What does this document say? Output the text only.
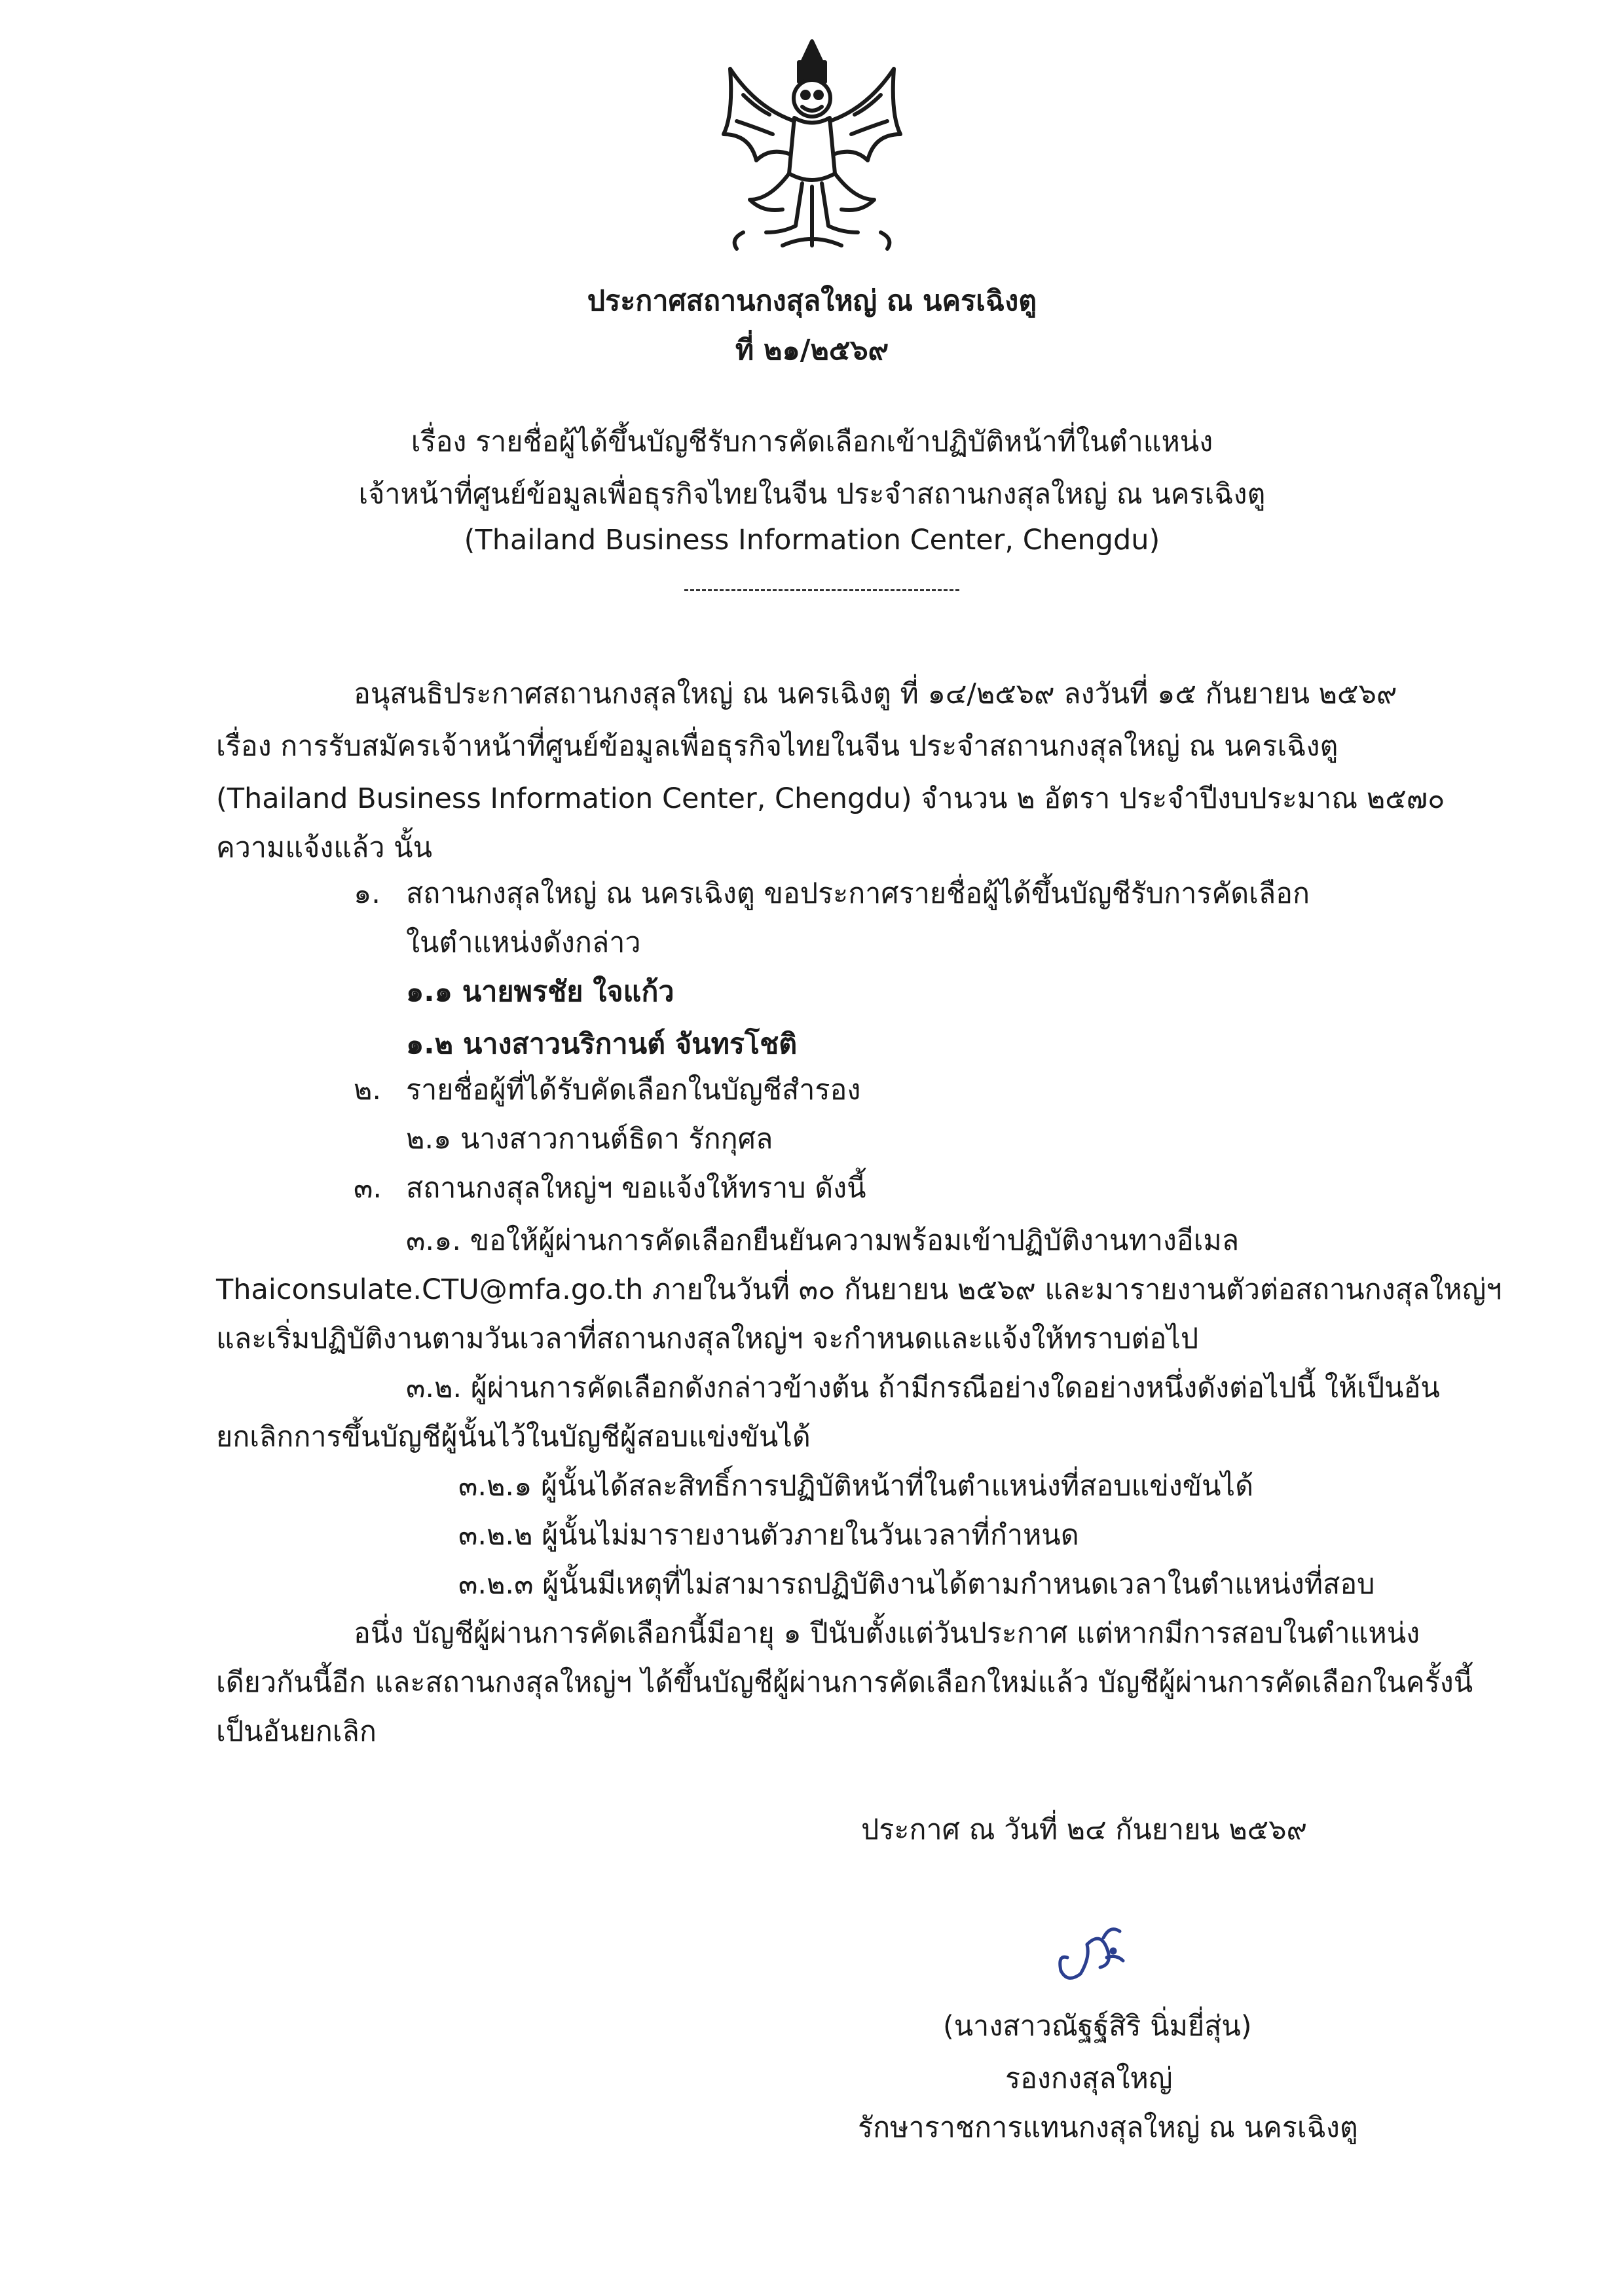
ประกาศสถานกงสุลใหญ่ ณ นครเฉิงตู
ที่ ๒๑/๒๕๖๙
เรื่อง รายชื่อผู้ได้ขึ้นบัญชีรับการคัดเลือกเข้าปฏิบัติหน้าที่ในตำแหน่ง
เจ้าหน้าที่ศูนย์ข้อมูลเพื่อธุรกิจไทยในจีน ประจำสถานกงสุลใหญ่ ณ นครเฉิงตู
(Thailand Business Information Center, Chengdu)
อนุสนธิประกาศสถานกงสุลใหญ่ ณ นครเฉิงตู ที่ ๑๔/๒๕๖๙ ลงวันที่ ๑๕ กันยายน ๒๕๖๙
เรื่อง การรับสมัครเจ้าหน้าที่ศูนย์ข้อมูลเพื่อธุรกิจไทยในจีน ประจำสถานกงสุลใหญ่ ณ นครเฉิงตู
(Thailand Business Information Center, Chengdu) จำนวน ๒ อัตรา ประจำปีงบประมาณ ๒๕๗๐
ความแจ้งแล้ว นั้น
๑. สถานกงสุลใหญ่ ณ นครเฉิงตู ขอประกาศรายชื่อผู้ได้ขึ้นบัญชีรับการคัดเลือก
ในตำแหน่งดังกล่าว
๑.๑ นายพรชัย ใจแก้ว
๑.๒ นางสาวนริกานต์ จันทรโชติ
๒. รายชื่อผู้ที่ได้รับคัดเลือกในบัญชีสำรอง
๒.๑ นางสาวกานต์ธิดา รักกุศล
๓. สถานกงสุลใหญ่ฯ ขอแจ้งให้ทราบ ดังนี้
๓.๑. ขอให้ผู้ผ่านการคัดเลือกยืนยันความพร้อมเข้าปฏิบัติงานทางอีเมล
Thaiconsulate.CTU@mfa.go.th ภายในวันที่ ๓๐ กันยายน ๒๕๖๙ และมารายงานตัวต่อสถานกงสุลใหญ่ฯ
และเริ่มปฏิบัติงานตามวันเวลาที่สถานกงสุลใหญ่ฯ จะกำหนดและแจ้งให้ทราบต่อไป
๓.๒. ผู้ผ่านการคัดเลือกดังกล่าวข้างต้น ถ้ามีกรณีอย่างใดอย่างหนึ่งดังต่อไปนี้ ให้เป็นอัน
ยกเลิกการขึ้นบัญชีผู้นั้นไว้ในบัญชีผู้สอบแข่งขันได้
๓.๒.๑ ผู้นั้นได้สละสิทธิ์การปฏิบัติหน้าที่ในตำแหน่งที่สอบแข่งขันได้
๓.๒.๒ ผู้นั้นไม่มารายงานตัวภายในวันเวลาที่กำหนด
๓.๒.๓ ผู้นั้นมีเหตุที่ไม่สามารถปฏิบัติงานได้ตามกำหนดเวลาในตำแหน่งที่สอบ
อนึ่ง บัญชีผู้ผ่านการคัดเลือกนี้มีอายุ ๑ ปีนับตั้งแต่วันประกาศ แต่หากมีการสอบในตำแหน่ง
เดียวกันนี้อีก และสถานกงสุลใหญ่ฯ ได้ขึ้นบัญชีผู้ผ่านการคัดเลือกใหม่แล้ว บัญชีผู้ผ่านการคัดเลือกในครั้งนี้
เป็นอันยกเลิก
ประกาศ ณ วันที่ ๒๔ กันยายน ๒๕๖๙
(นางสาวณัฐฐ์สิริ นิ่มยี่สุ่น)
รองกงสุลใหญ่
รักษาราชการแทนกงสุลใหญ่ ณ นครเฉิงตู
